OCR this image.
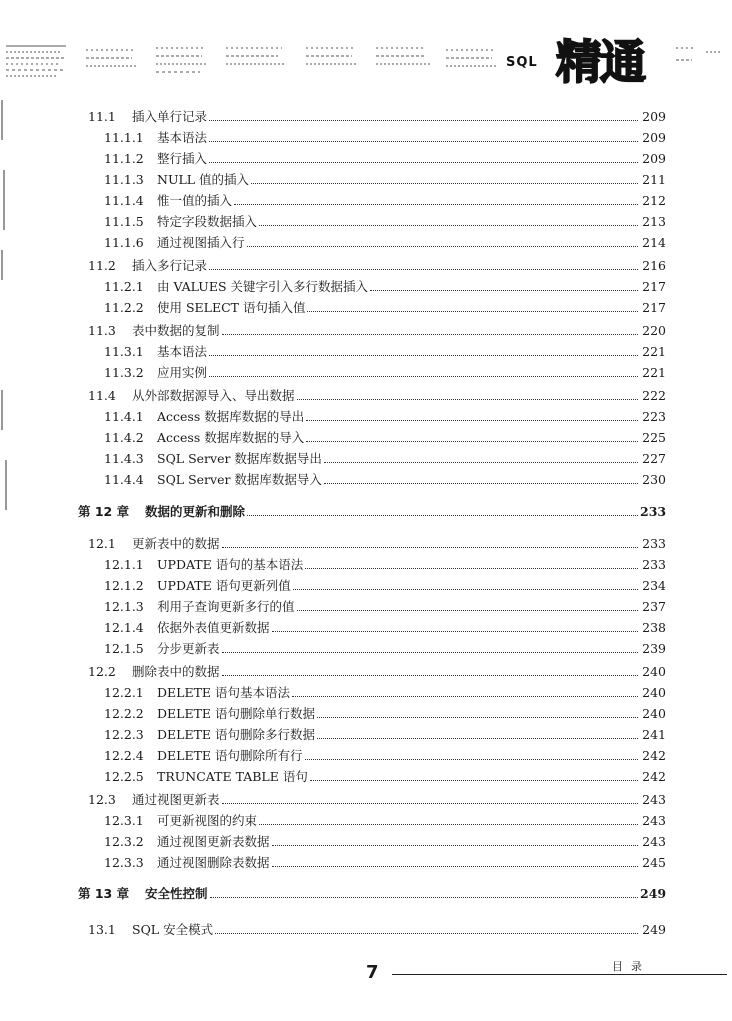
SQL 精通
11.1	插入单行记录	209
11.1.1	基本语法	209
11.1.2	整行插入	209
11.1.3	NULL 值的插入	211
11.1.4	惟一值的插入	212
11.1.5	特定字段数据插入	213
11.1.6	通过视图插入行	214
11.2	插入多行记录	216
11.2.1	由 VALUES 关键字引入多行数据插入	217
11.2.2	使用 SELECT 语句插入值	217
11.3	表中数据的复制	220
11.3.1	基本语法	221
11.3.2	应用实例	221
11.4	从外部数据源导入、导出数据	222
11.4.1	Access 数据库数据的导出	223
11.4.2	Access 数据库数据的导入	225
11.4.3	SQL Server 数据库数据导出	227
11.4.4	SQL Server 数据库数据导入	230
第 12 章	数据的更新和删除	233
12.1	更新表中的数据	233
12.1.1	UPDATE 语句的基本语法	233
12.1.2	UPDATE 语句更新列值	234
12.1.3	利用子查询更新多行的值	237
12.1.4	依据外表值更新数据	238
12.1.5	分步更新表	239
12.2	删除表中的数据	240
12.2.1	DELETE 语句基本语法	240
12.2.2	DELETE 语句删除单行数据	240
12.2.3	DELETE 语句删除多行数据	241
12.2.4	DELETE 语句删除所有行	242
12.2.5	TRUNCATE TABLE 语句	242
12.3	通过视图更新表	243
12.3.1	可更新视图的约束	243
12.3.2	通过视图更新表数据	243
12.3.3	通过视图删除表数据	245
第 13 章	安全性控制	249
13.1	SQL 安全模式	249
7	目录
